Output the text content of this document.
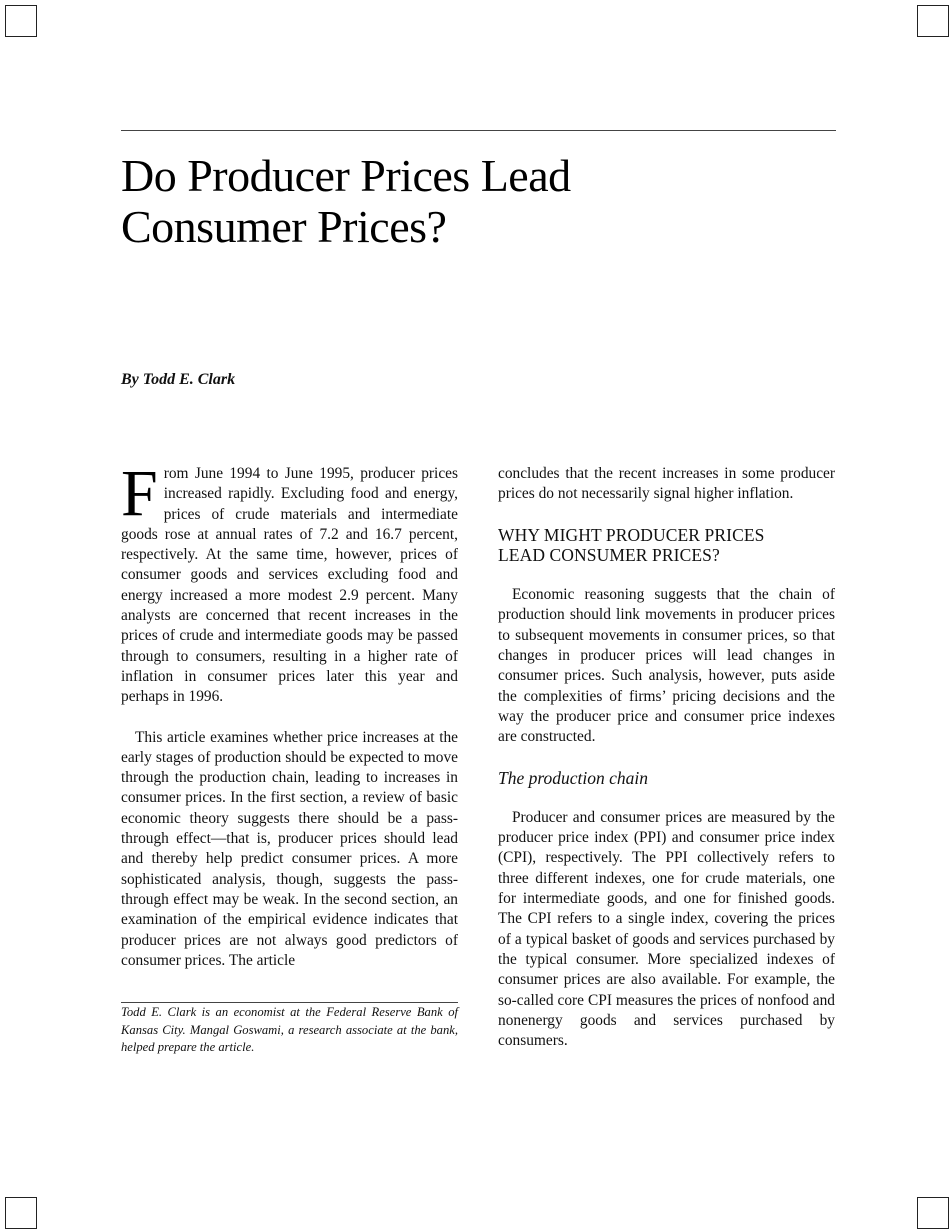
Do Producer Prices Lead
Consumer Prices?
By Todd E. Clark

From June 1994 to June 1995, producer prices increased rapidly. Excluding food and energy, prices of crude materials and intermediate goods rose at annual rates of 7.2 and 16.7 percent, respectively. At the same time, however, prices of consumer goods and services excluding food and energy increased a more modest 2.9 percent. Many analysts are concerned that recent increases in the prices of crude and intermediate goods may be passed through to consumers, resulting in a higher rate of inflation in consumer prices later this year and perhaps in 1996.

This article examines whether price increases at the early stages of production should be expected to move through the production chain, leading to increases in consumer prices. In the first section, a review of basic economic theory suggests there should be a pass-through effect—that is, producer prices should lead and thereby help predict consumer prices. A more sophisticated analysis, though, suggests the pass-through effect may be weak. In the second section, an examination of the empirical evidence indicates that producer prices are not always good predictors of consumer prices. The article

Todd E. Clark is an economist at the Federal Reserve Bank of Kansas City. Mangal Goswami, a research associate at the bank, helped prepare the article.

concludes that the recent increases in some producer prices do not necessarily signal higher inflation.

WHY MIGHT PRODUCER PRICES
LEAD CONSUMER PRICES?

Economic reasoning suggests that the chain of production should link movements in producer prices to subsequent movements in consumer prices, so that changes in producer prices will lead changes in consumer prices. Such analysis, however, puts aside the complexities of firms’ pricing decisions and the way the producer price and consumer price indexes are constructed.

The production chain

Producer and consumer prices are measured by the producer price index (PPI) and consumer price index (CPI), respectively. The PPI collectively refers to three different indexes, one for crude materials, one for intermediate goods, and one for finished goods. The CPI refers to a single index, covering the prices of a typical basket of goods and services purchased by the typical consumer. More specialized indexes of consumer prices are also available. For example, the so-called core CPI measures the prices of nonfood and nonenergy goods and services purchased by consumers.
